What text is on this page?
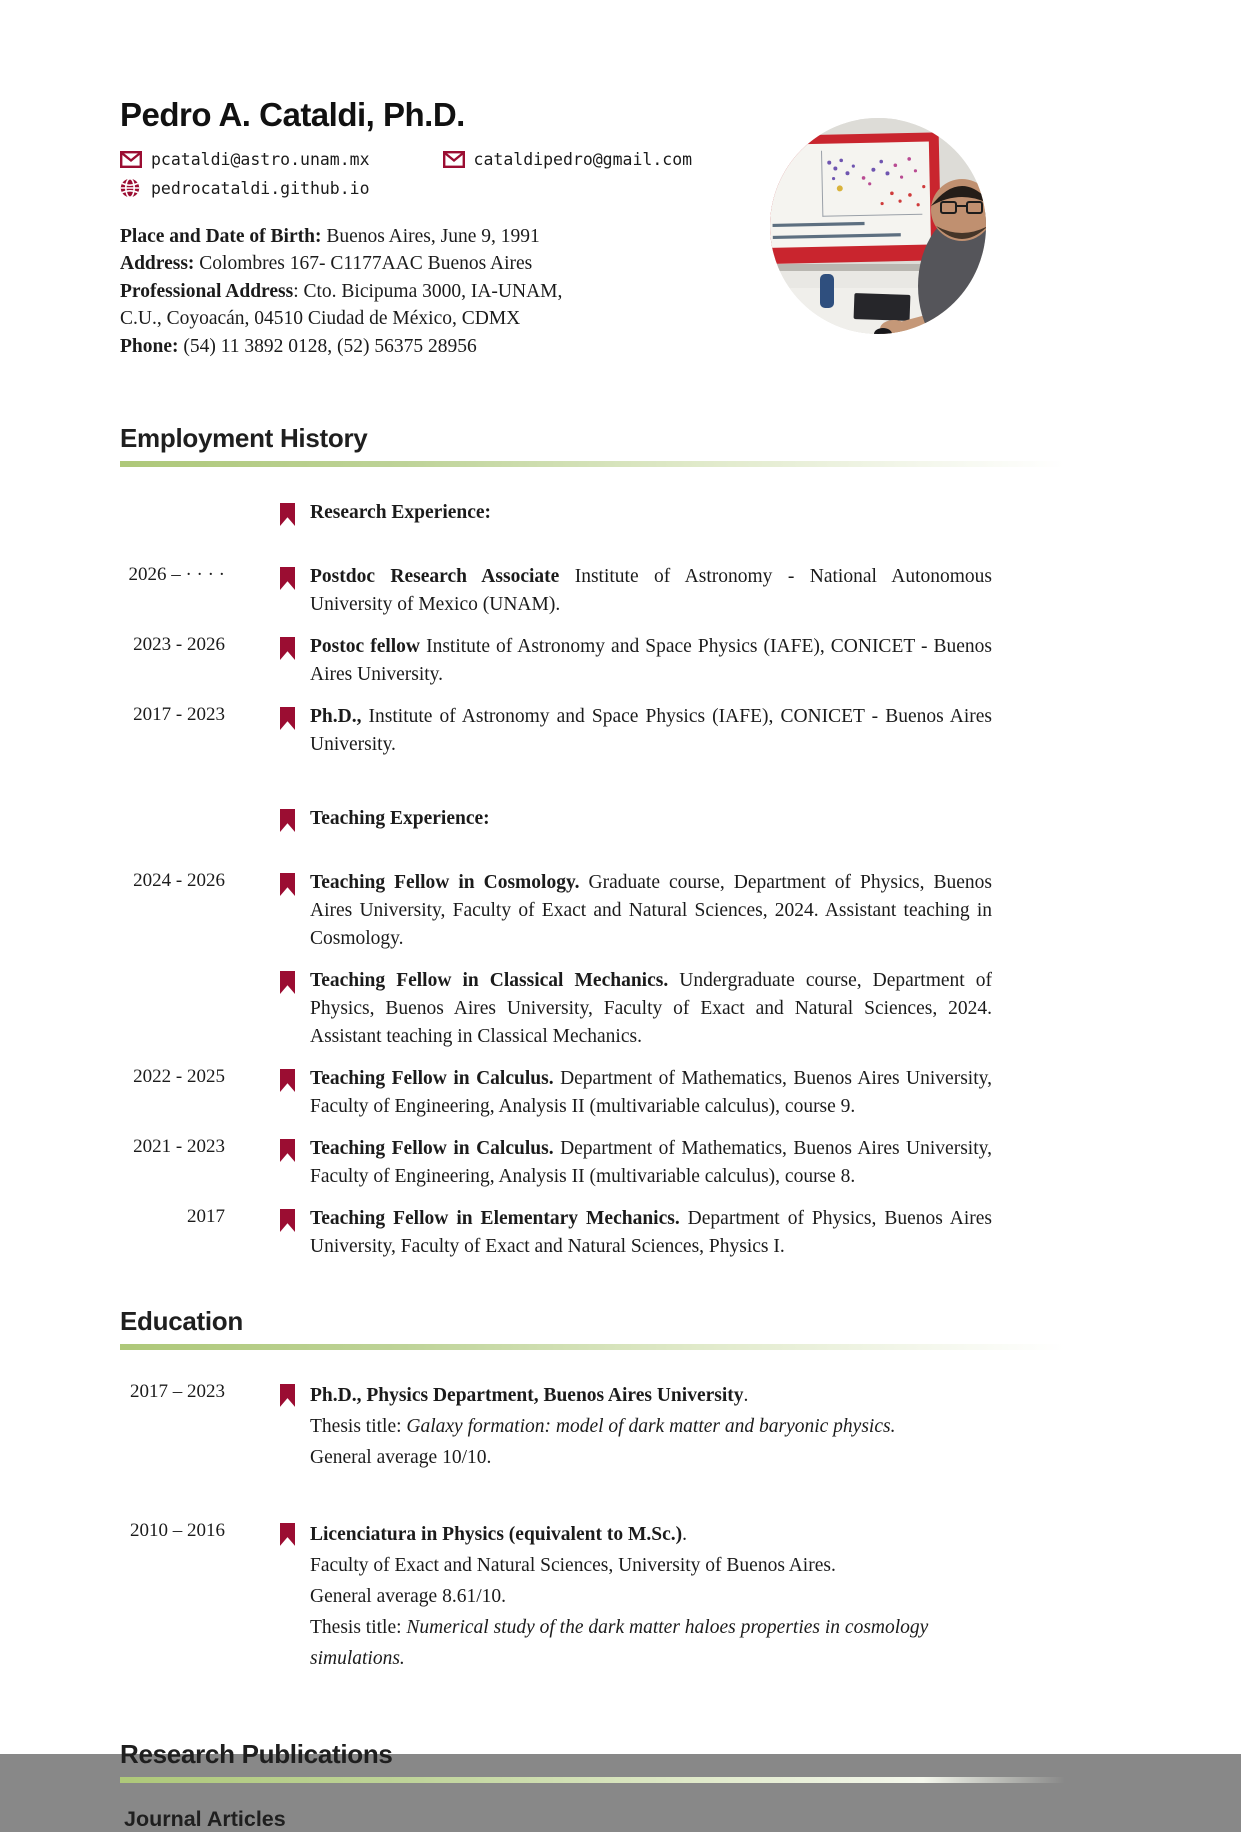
Pedro A. Cataldi, Ph.D.
pcataldi@astro.unam.mx	cataldipedro@gmail.com
pedrocataldi.github.io
Place and Date of Birth: Buenos Aires, June 9, 1991
Address: Colombres 167- C1177AAC Buenos Aires
Professional Address: Cto. Bicipuma 3000, IA-UNAM, C.U., Coyoacán, 04510 Ciudad de México, CDMX
Phone: (54) 11 3892 0128, (52) 56375 28956
Employment History
Research Experience:
2026 – · · · ·	Postdoc Research Associate Institute of Astronomy - National Autonomous University of Mexico (UNAM).
2023 - 2026	Postoc fellow Institute of Astronomy and Space Physics (IAFE), CONICET - Buenos Aires University.
2017 - 2023	Ph.D., Institute of Astronomy and Space Physics (IAFE), CONICET - Buenos Aires University.
Teaching Experience:
2024 - 2026	Teaching Fellow in Cosmology. Graduate course, Department of Physics, Buenos Aires University, Faculty of Exact and Natural Sciences, 2024. Assistant teaching in Cosmology.
Teaching Fellow in Classical Mechanics. Undergraduate course, Department of Physics, Buenos Aires University, Faculty of Exact and Natural Sciences, 2024. Assistant teaching in Classical Mechanics.
2022 - 2025	Teaching Fellow in Calculus. Department of Mathematics, Buenos Aires University, Faculty of Engineering, Analysis II (multivariable calculus), course 9.
2021 - 2023	Teaching Fellow in Calculus. Department of Mathematics, Buenos Aires University, Faculty of Engineering, Analysis II (multivariable calculus), course 8.
2017	Teaching Fellow in Elementary Mechanics. Department of Physics, Buenos Aires University, Faculty of Exact and Natural Sciences, Physics I.
Education
2017 – 2023	Ph.D., Physics Department, Buenos Aires University.
Thesis title: Galaxy formation: model of dark matter and baryonic physics.
General average 10/10.
2010 – 2016	Licenciatura in Physics (equivalent to M.Sc.).
Faculty of Exact and Natural Sciences, University of Buenos Aires.
General average 8.61/10.
Thesis title: Numerical study of the dark matter haloes properties in cosmology simulations.
Research Publications
Journal Articles
